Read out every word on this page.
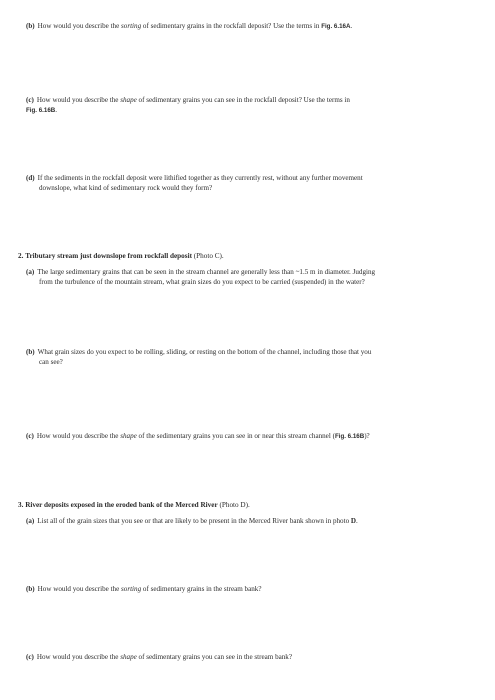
(b) How would you describe the sorting of sedimentary grains in the rockfall deposit? Use the terms in Fig. 6.16A.
(c) How would you describe the shape of sedimentary grains you can see in the rockfall deposit? Use the terms in
Fig. 6.16B.
(d) If the sediments in the rockfall deposit were lithified together as they currently rest, without any further movement

downslope, what kind of sedimentary rock would they form?
2. Tributary stream just downslope from rockfall deposit (Photo C).
(a) The large sedimentary grains that can be seen in the stream channel are generally less than ~1.5 m in diameter. Judging

from the turbulence of the mountain stream, what grain sizes do you expect to be carried (suspended) in the water?
(b) What grain sizes do you expect to be rolling, sliding, or resting on the bottom of the channel, including those that you

can see?
(c) How would you describe the shape of the sedimentary grains you can see in or near this stream channel (Fig. 6.16B)?
3. River deposits exposed in the eroded bank of the Merced River (Photo D).
(a) List all of the grain sizes that you see or that are likely to be present in the Merced River bank shown in photo D.
(b) How would you describe the sorting of sedimentary grains in the stream bank?
(c) How would you describe the shape of sedimentary grains you can see in the stream bank?
